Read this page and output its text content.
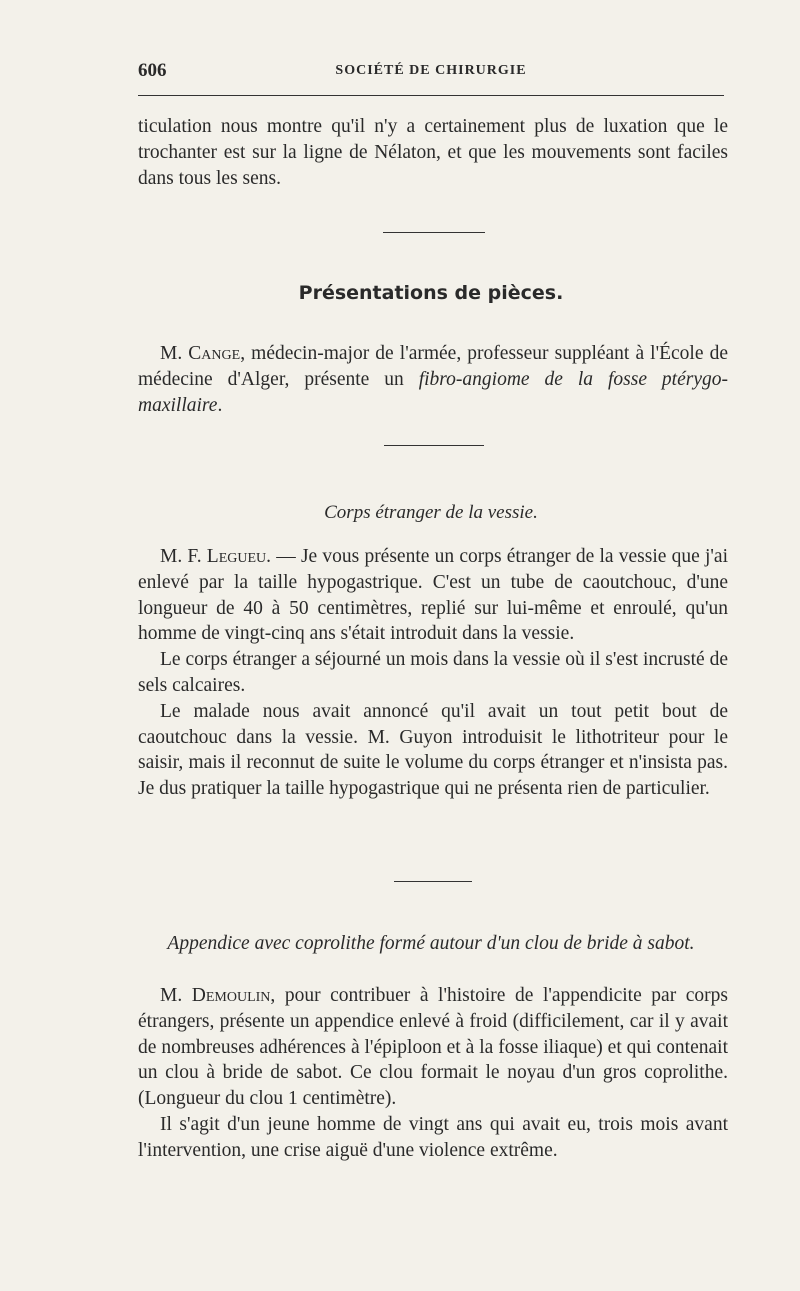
606	SOCIÉTÉ DE CHIRURGIE

ticulation nous montre qu'il n'y a certainement plus de luxation que le trochanter est sur la ligne de Nélaton, et que les mouvements sont faciles dans tous les sens.

Présentations de pièces.

M. Cange, médecin-major de l'armée, professeur suppléant à l'École de médecine d'Alger, présente un fibro-angiome de la fosse ptérygo-maxillaire.

Corps étranger de la vessie.

M. F. Legueu. — Je vous présente un corps étranger de la vessie que j'ai enlevé par la taille hypogastrique. C'est un tube de caoutchouc, d'une longueur de 40 à 50 centimètres, replié sur lui-même et enroulé, qu'un homme de vingt-cinq ans s'était introduit dans la vessie.

Le corps étranger a séjourné un mois dans la vessie où il s'est incrusté de sels calcaires.

Le malade nous avait annoncé qu'il avait un tout petit bout de caoutchouc dans la vessie. M. Guyon introduisit le lithotriteur pour le saisir, mais il reconnut de suite le volume du corps étranger et n'insista pas. Je dus pratiquer la taille hypogastrique qui ne présenta rien de particulier.

Appendice avec coprolithe formé autour d'un clou de bride à sabot.

M. Demoulin, pour contribuer à l'histoire de l'appendicite par corps étrangers, présente un appendice enlevé à froid (difficilement, car il y avait de nombreuses adhérences à l'épiploon et à la fosse iliaque) et qui contenait un clou à bride de sabot. Ce clou formait le noyau d'un gros coprolithe. (Longueur du clou 1 centimètre).

Il s'agit d'un jeune homme de vingt ans qui avait eu, trois mois avant l'intervention, une crise aiguë d'une violence extrême.
